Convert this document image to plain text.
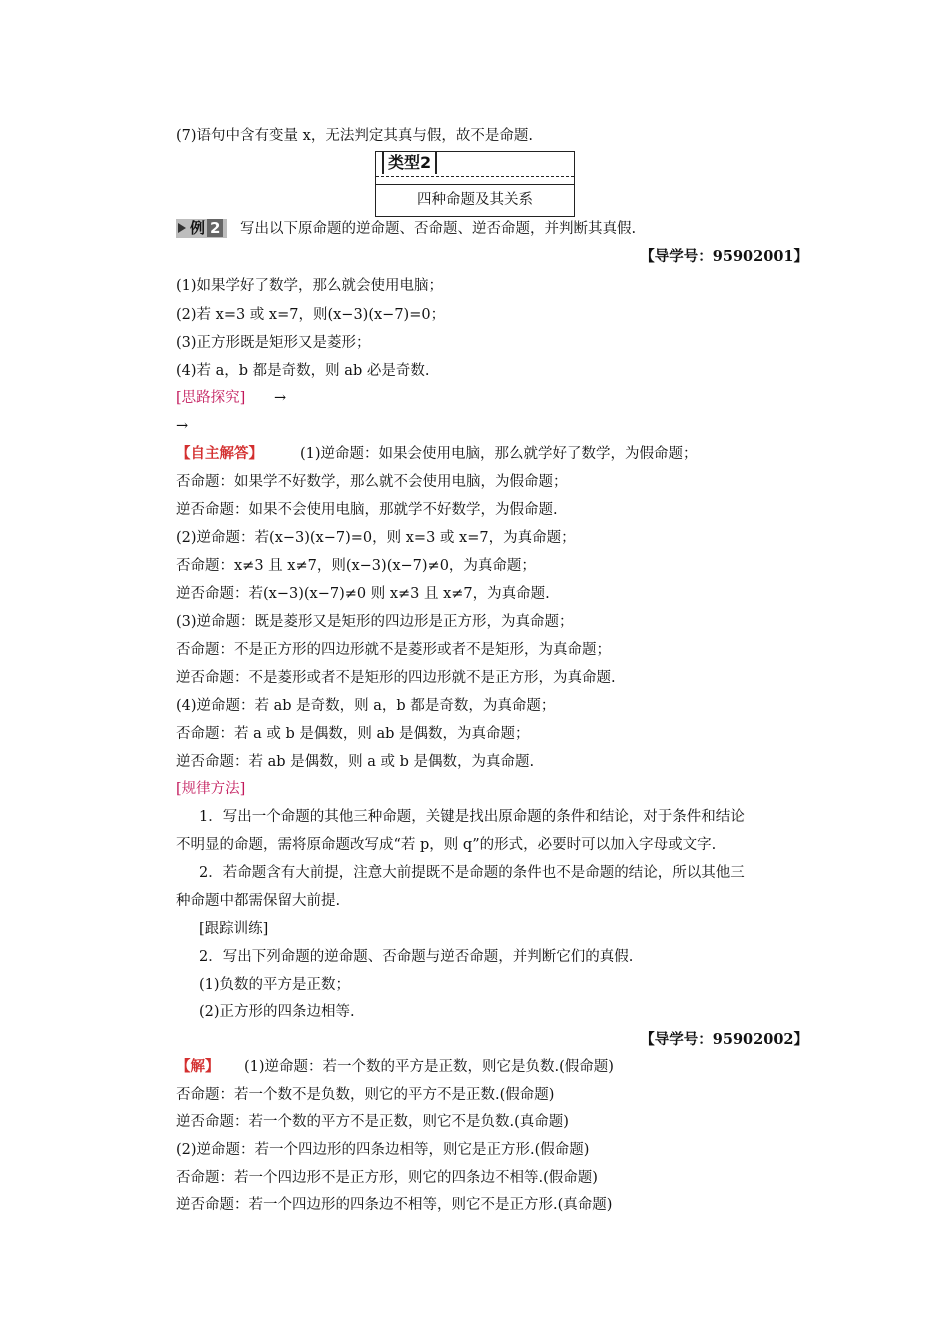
(7)语句中含有变量 x，无法判定其真与假，故不是命题.
类型2
四种命题及其关系
例 2	写出以下原命题的逆命题、否命题、逆否命题，并判断其真假.
【导学号：95902001】
(1)如果学好了数学，那么就会使用电脑；
(2)若 x=3 或 x=7，则(x−3)(x−7)=0；
(3)正方形既是矩形又是菱形；
(4)若 a，b 都是奇数，则 ab 必是奇数.
[思路探究] →
→
【自主解答】	(1)逆命题：如果会使用电脑，那么就学好了数学，为假命题；
否命题：如果学不好数学，那么就不会使用电脑，为假命题；
逆否命题：如果不会使用电脑，那就学不好数学，为假命题.
(2)逆命题：若(x−3)(x−7)=0，则 x=3 或 x=7，为真命题；
否命题：x≠3 且 x≠7，则(x−3)(x−7)≠0，为真命题；
逆否命题：若(x−3)(x−7)≠0 则 x≠3 且 x≠7，为真命题.
(3)逆命题：既是菱形又是矩形的四边形是正方形，为真命题；
否命题：不是正方形的四边形就不是菱形或者不是矩形，为真命题；
逆否命题：不是菱形或者不是矩形的四边形就不是正方形，为真命题.
(4)逆命题：若 ab 是奇数，则 a，b 都是奇数，为真命题；
否命题：若 a 或 b 是偶数，则 ab 是偶数，为真命题；
逆否命题：若 ab 是偶数，则 a 或 b 是偶数，为真命题.
[规律方法]
1．写出一个命题的其他三种命题，关键是找出原命题的条件和结论，对于条件和结论
不明显的命题，需将原命题改写成“若 p，则 q”的形式，必要时可以加入字母或文字.
2．若命题含有大前提，注意大前提既不是命题的条件也不是命题的结论，所以其他三
种命题中都需保留大前提.
[跟踪训练]
2．写出下列命题的逆命题、否命题与逆否命题，并判断它们的真假.
(1)负数的平方是正数；
(2)正方形的四条边相等.
【导学号：95902002】
【解】 (1)逆命题：若一个数的平方是正数，则它是负数.(假命题)
否命题：若一个数不是负数，则它的平方不是正数.(假命题)
逆否命题：若一个数的平方不是正数，则它不是负数.(真命题)
(2)逆命题：若一个四边形的四条边相等，则它是正方形.(假命题)
否命题：若一个四边形不是正方形，则它的四条边不相等.(假命题)
逆否命题：若一个四边形的四条边不相等，则它不是正方形.(真命题)
